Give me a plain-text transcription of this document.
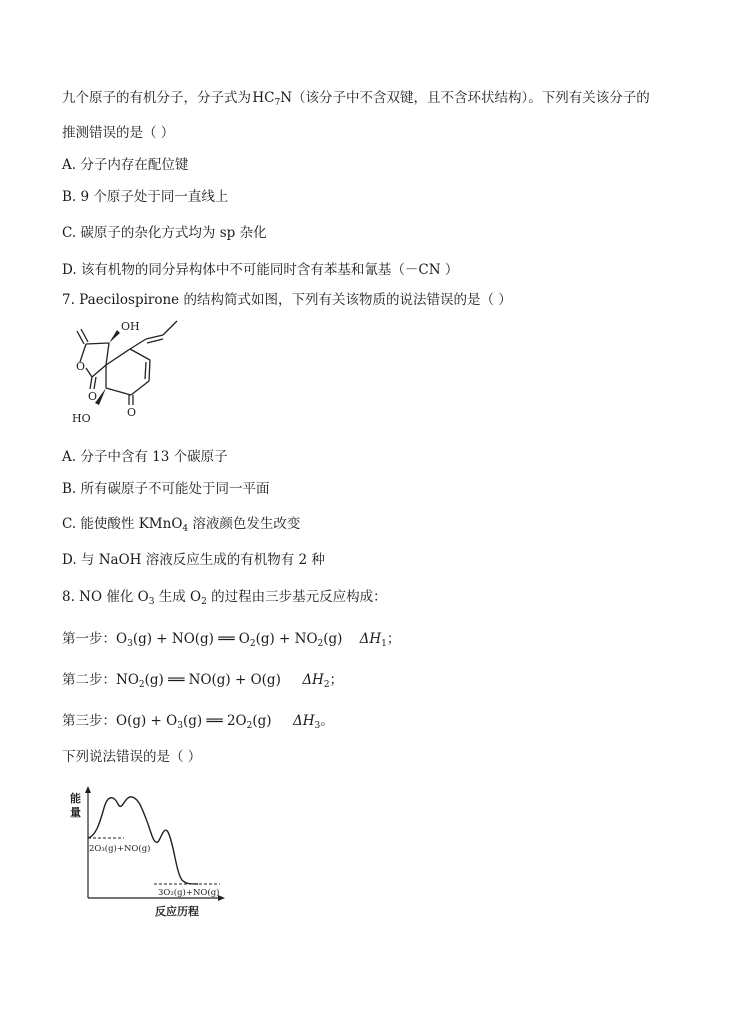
九个原子的有机分子，分子式为 $HC_7N$（该分子中不含双键，且不含环状结构）。下列有关该分子的
推测错误的是（ ）
A. 分子内存在配位键
B. 9 个原子处于同一直线上
C. 碳原子的杂化方式均为 sp 杂化
D. 该有机物的同分异构体中不可能同时含有苯基和氰基（－CN ）
7. Paecilospirone 的结构简式如图，下列有关该物质的说法错误的是（ ）
OH
O
O
O
HO
A. 分子中含有 13 个碳原子
B. 所有碳原子不可能处于同一平面
C. 能使酸性 KMnO$_4$ 溶液颜色发生改变
D. 与 NaOH 溶液反应生成的有机物有 2 种
8. NO 催化 $O_3$ 生成 $O_2$ 的过程由三步基元反应构成：
第一步：$O_3(g) + NO(g)$ ══ $O_2(g) + NO_2(g)$ $\Delta H_1$；
第二步：$NO_2(g)$ ══ NO(g) + O(g) $\Delta H_2$；
第三步：$O(g) + O_3(g)$ ══ $2O_2(g)$ $\Delta H_3$。
下列说法错误的是（ ）
能
量
2O₃(g)+NO(g)
3O₂(g)+NO(g)
反应历程
